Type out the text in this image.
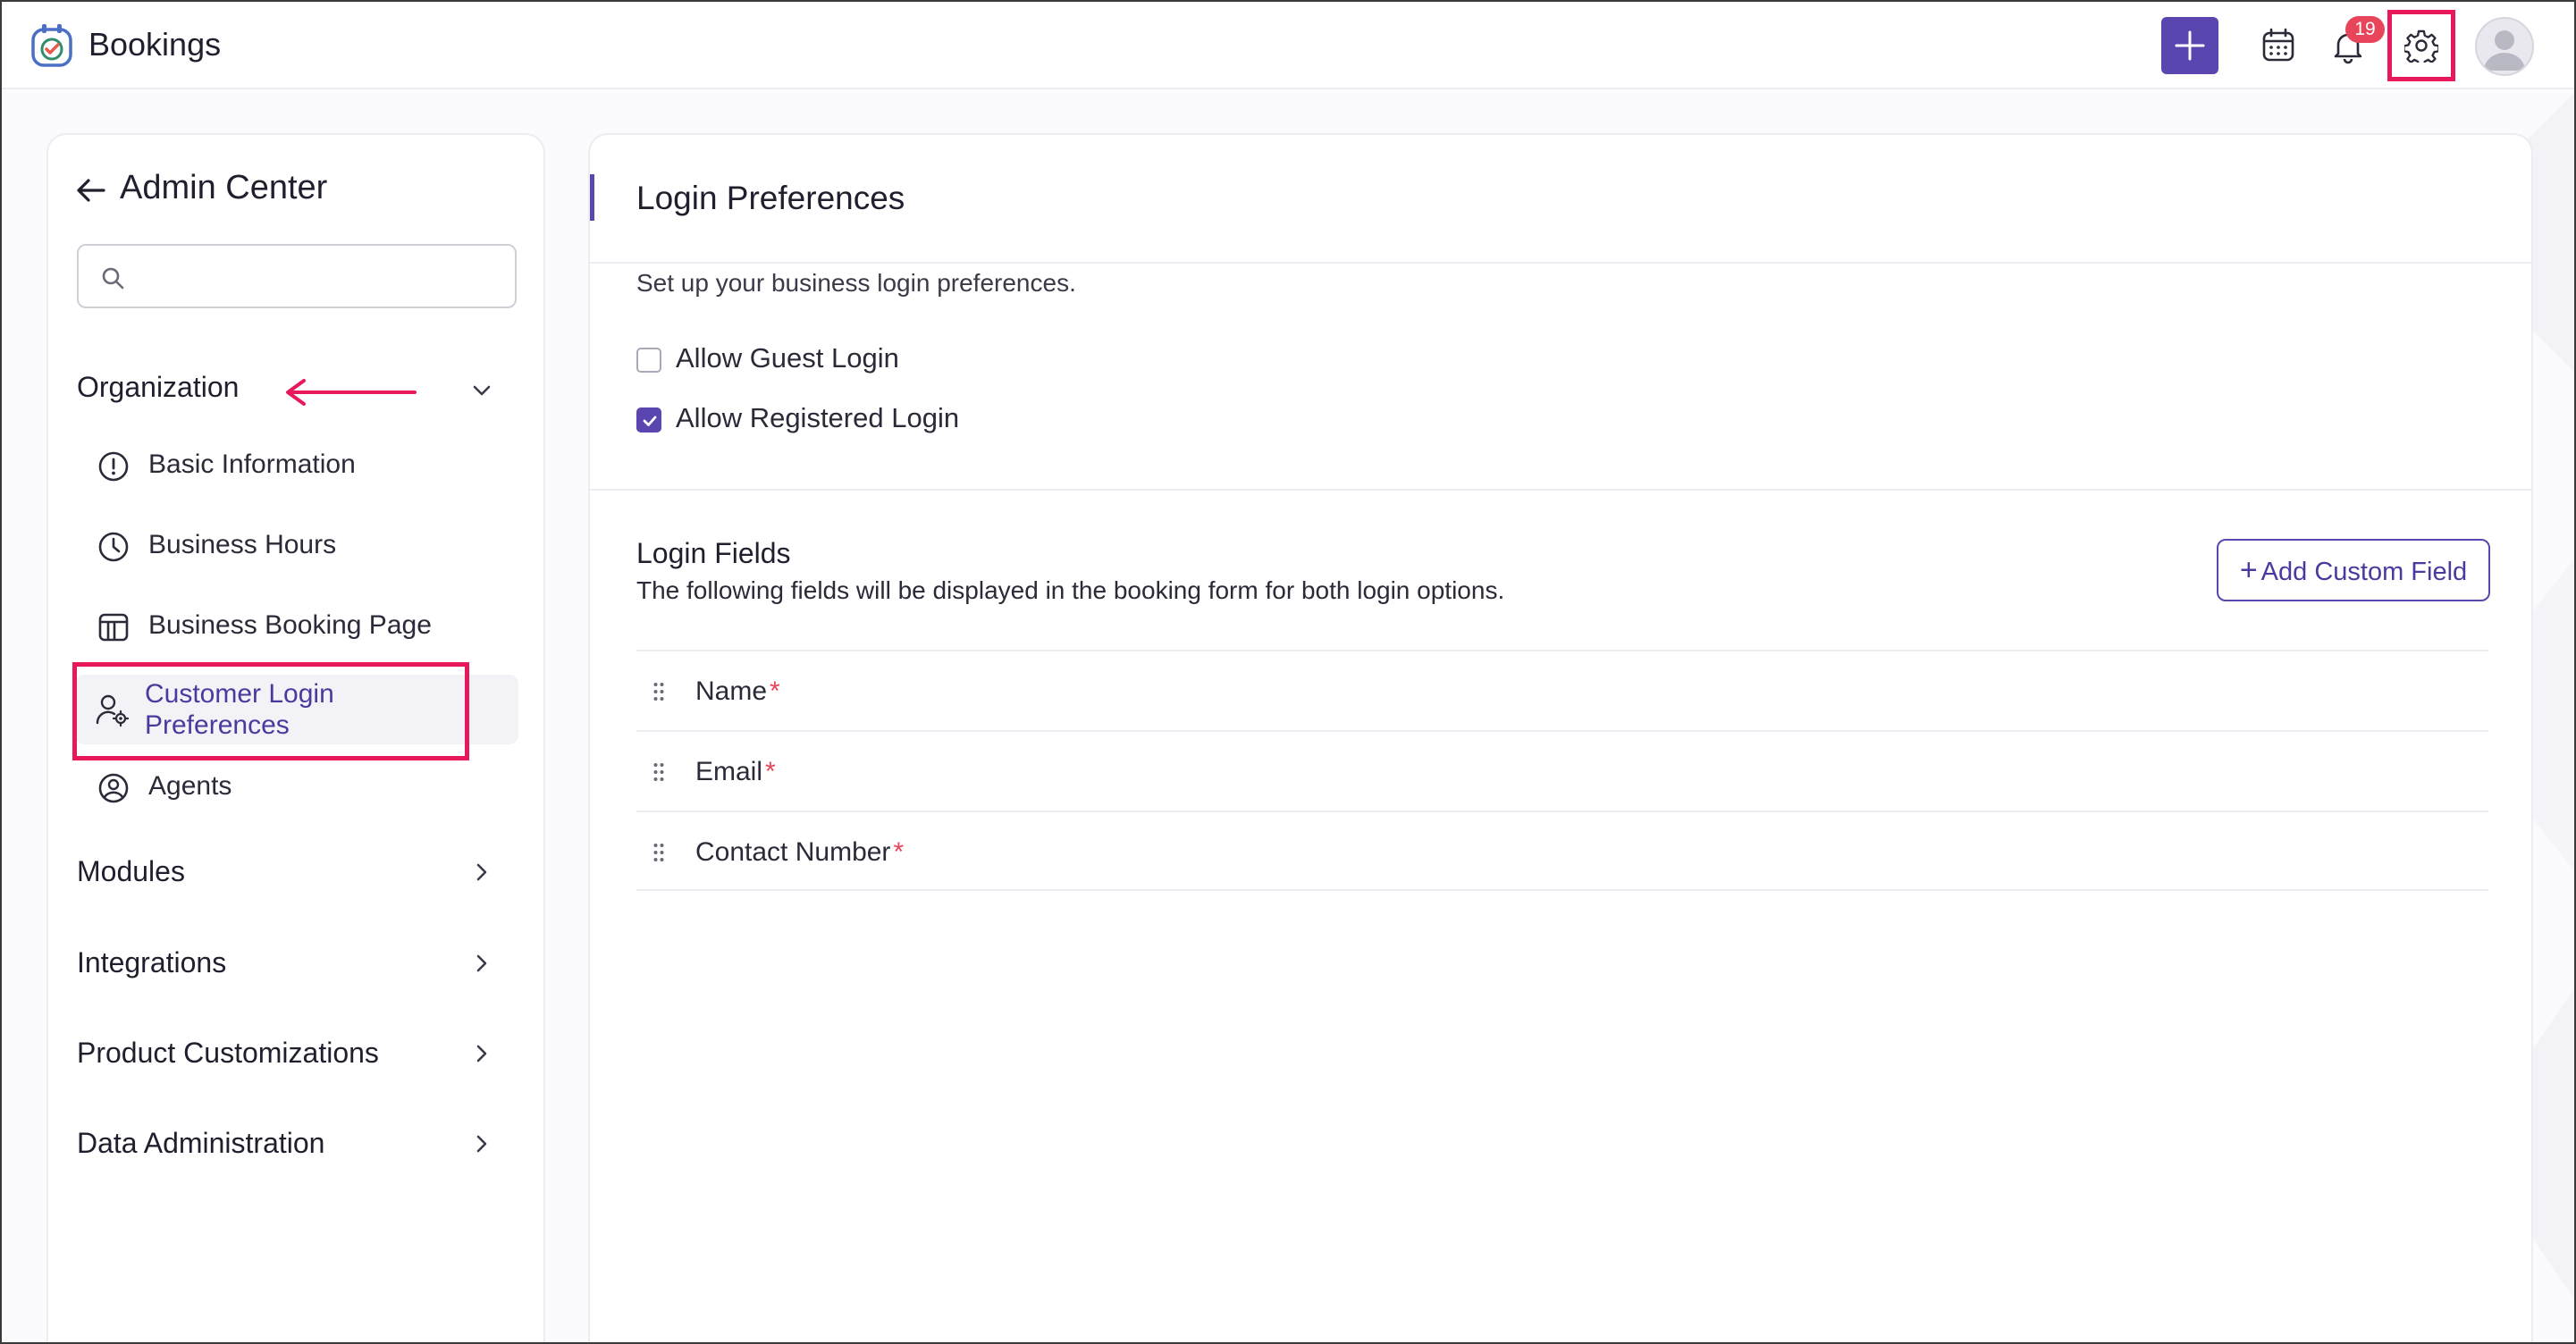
Bookings	19
Admin Center
Organization
Basic Information
Business Hours
Business Booking Page
Customer Login
Preferences
Agents
Modules
Integrations
Product Customizations
Data Administration
Login Preferences
Set up your business login preferences.
Allow Guest Login
Allow Registered Login
Login Fields
The following fields will be displayed in the booking form for both login options.
+ Add Custom Field
Name *
Email *
Contact Number *
